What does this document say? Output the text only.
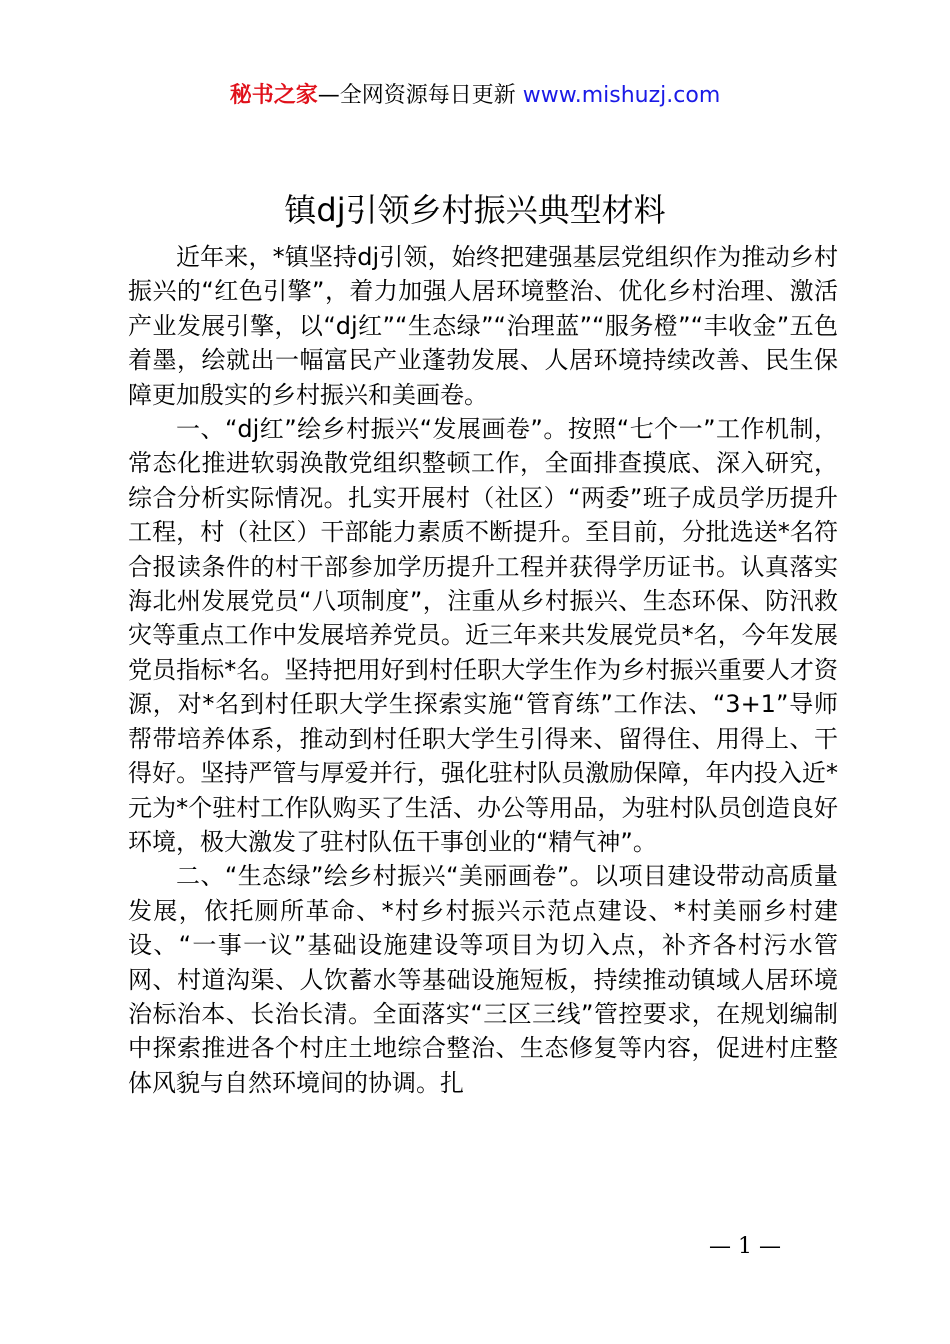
秘书之家—全网资源每日更新 www.mishuzj.com
镇dj引领乡村振兴典型材料

近年来，*镇坚持dj引领，始终把建强基层党组织作为推动乡村振兴的“红色引擎”，着力加强人居环境整治、优化乡村治理、激活产业发展引擎，以“dj红”“生态绿”“治理蓝”“服务橙”“丰收金”五色着墨，绘就出一幅富民产业蓬勃发展、人居环境持续改善、民生保障更加殷实的乡村振兴和美画卷。

一、“dj红”绘乡村振兴“发展画卷”。按照“七个一”工作机制，常态化推进软弱涣散党组织整顿工作，全面排查摸底、深入研究，综合分析实际情况。扎实开展村（社区）“两委”班子成员学历提升工程，村（社区）干部能力素质不断提升。至目前，分批选送*名符合报读条件的村干部参加学历提升工程并获得学历证书。认真落实海北州发展党员“八项制度”，注重从乡村振兴、生态环保、防汛救灾等重点工作中发展培养党员。近三年来共发展党员*名，今年发展党员指标*名。坚持把用好到村任职大学生作为乡村振兴重要人才资源，对*名到村任职大学生探索实施“管育练”工作法、“3+1”导师帮带培养体系，推动到村任职大学生引得来、留得住、用得上、干得好。坚持严管与厚爱并行，强化驻村队员激励保障，年内投入近*元为*个驻村工作队购买了生活、办公等用品，为驻村队员创造良好环境，极大激发了驻村队伍干事创业的“精气神”。

二、“生态绿”绘乡村振兴“美丽画卷”。以项目建设带动高质量发展，依托厕所革命、*村乡村振兴示范点建设、*村美丽乡村建设、“一事一议”基础设施建设等项目为切入点，补齐各村污水管网、村道沟渠、人饮蓄水等基础设施短板，持续推动镇域人居环境治标治本、长治长清。全面落实“三区三线”管控要求，在规划编制中探索推进各个村庄土地综合整治、生态修复等内容，促进村庄整体风貌与自然环境间的协调。扎

— 1 —
